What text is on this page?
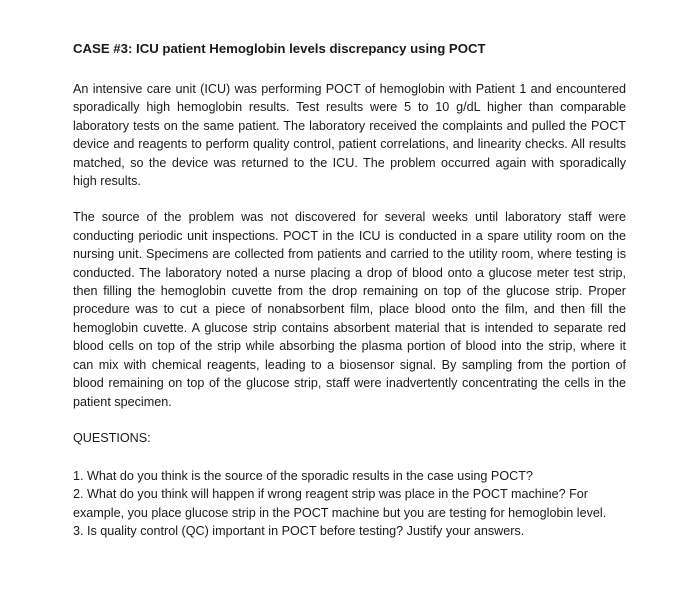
CASE #3: ICU patient Hemoglobin levels discrepancy using POCT

An intensive care unit (ICU) was performing POCT of hemoglobin with Patient 1 and encountered sporadically high hemoglobin results. Test results were 5 to 10 g/dL higher than comparable laboratory tests on the same patient. The laboratory received the complaints and pulled the POCT device and reagents to perform quality control, patient correlations, and linearity checks. All results matched, so the device was returned to the ICU. The problem occurred again with sporadically high results.

The source of the problem was not discovered for several weeks until laboratory staff were conducting periodic unit inspections. POCT in the ICU is conducted in a spare utility room on the nursing unit. Specimens are collected from patients and carried to the utility room, where testing is conducted. The laboratory noted a nurse placing a drop of blood onto a glucose meter test strip, then filling the hemoglobin cuvette from the drop remaining on top of the glucose strip. Proper procedure was to cut a piece of nonabsorbent film, place blood onto the film, and then fill the hemoglobin cuvette. A glucose strip contains absorbent material that is intended to separate red blood cells on top of the strip while absorbing the plasma portion of blood into the strip, where it can mix with chemical reagents, leading to a biosensor signal. By sampling from the portion of blood remaining on top of the glucose strip, staff were inadvertently concentrating the cells in the patient specimen.

QUESTIONS:
1. What do you think is the source of the sporadic results in the case using POCT?
2. What do you think will happen if wrong reagent strip was place in the POCT machine? For example, you place glucose strip in the POCT machine but you are testing for hemoglobin level.
3. Is quality control (QC) important in POCT before testing? Justify your answers.
